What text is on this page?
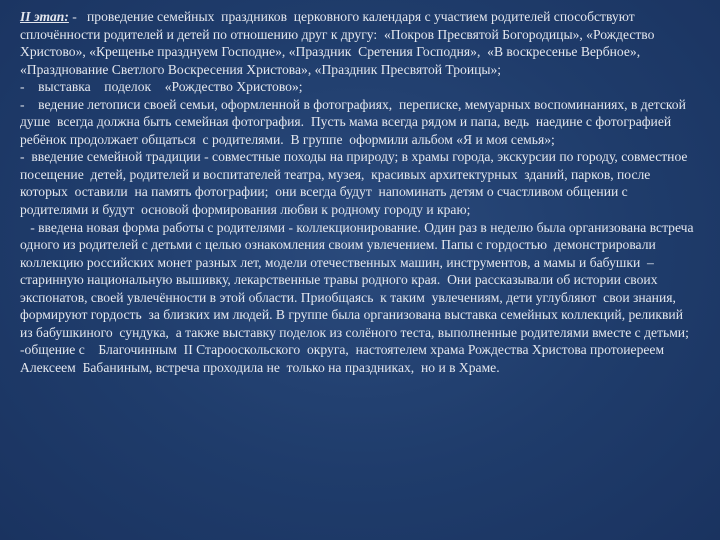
II этап: -   проведение семейных  праздников  церковного календаря с участием родителей способствуют сплочённости родителей и детей по отношению друг к другу:  «Покров Пресвятой Богородицы», «Рождество Христово», «Крещенье празднуем Господне», «Праздник  Сретения Господня»,  «В воскресенье Вербное»,  «Празднование Светлого Воскресения Христова», «Праздник Пресвятой Троицы»;

-    выставка    поделок    «Рождество Христово»;

-    ведение летописи своей семьи, оформленной в фотографиях,  переписке, мемуарных воспоминаниях, в детской душе  всегда должна быть семейная фотография.  Пусть мама всегда рядом и папа, ведь  наедине с фотографией  ребёнок продолжает общаться  с родителями.  В группе  оформили альбом «Я и моя семья»;

-  введение семейной традиции - совместные походы на природу; в храмы города, экскурсии по городу, совместное посещение  детей, родителей и воспитателей театра, музея,  красивых архитектурных  зданий, парков, после которых  оставили  на память фотографии;  они всегда будут  напоминать детям о счастливом общении с родителями и будут  основой формирования любви к родному городу и краю;

- введена новая форма работы с родителями - коллекционирование. Один раз в неделю была организована встреча одного из родителей с детьми с целью ознакомления своим увлечением. Папы с гордостью  демонстрировали коллекцию российских монет разных лет, модели отечественных машин, инструментов, а мамы и бабушки  – старинную национальную вышивку, лекарственные травы родного края.  Они рассказывали об истории своих экспонатов, своей увлечённости в этой области. Приобщаясь  к таким  увлечениям, дети углубляют  свои знания, формируют гордость  за близких им людей. В группе была организована выставка семейных коллекций, реликвий из бабушкиного  сундука,  а также выставку поделок из солёного теста, выполненные родителями вместе с детьми;

-общение с    Благочинным  II Старооскольского  округа,  настоятелем храма Рождества Христова протоиереем Алексеем  Бабаниным, встреча проходила не  только на праздниках,  но и в Храме.
